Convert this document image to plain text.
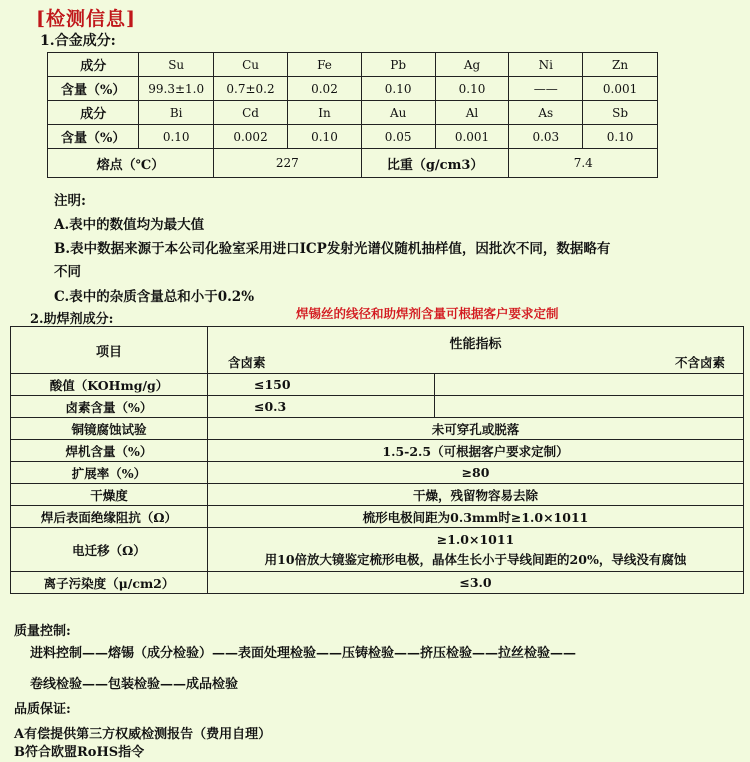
[检测信息]
1.合金成分:
成分	Su	Cu	Fe	Pb	Ag	Ni	Zn
含量（%）	99.3±1.0	0.7±0.2	0.02	0.10	0.10	——	0.001
成分	Bi	Cd	In	Au	Al	As	Sb
含量（%）	0.10	0.002	0.10	0.05	0.001	0.03	0.10
熔点（℃）		227		比重（g/cm3）		7.4	
注明:
A.表中的数值均为最大值
B.表中数据来源于本公司化验室采用进口ICP发射光谱仪随机抽样值，因批次不同，数据略有
不同
C.表中的杂质含量总和小于0.2%
2.助焊剂成分:	焊锡丝的线径和助焊剂含量可根据客户要求定制
项目	性能指标
含卤素 不含卤素	

酸值（KOHmg/g）	≤150	
卤素含量（%）	≤0.3	
铜镜腐蚀试验	未可穿孔或脱落	
焊机含量（%）	1.5-2.5（可根据客户要求定制）	
扩展率（%）	≥80	
干燥度	干燥，残留物容易去除	
焊后表面绝缘阻抗（Ω）	梳形电极间距为0.3mm时≥1.0×1011	
电迁移（Ω）	≥1.0×1011
用10倍放大镜鉴定梳形电极，晶体生长小于导线间距的20%，导线没有腐蚀	

离子污染度（μ/cm2）	≤3.0	
质量控制:
进料控制——熔锡（成分检验）——表面处理检验——压铸检验——挤压检验——拉丝检验——
卷线检验——包装检验——成品检验
品质保证:
A有偿提供第三方权威检测报告（费用自理）
B符合欧盟RoHS指令
